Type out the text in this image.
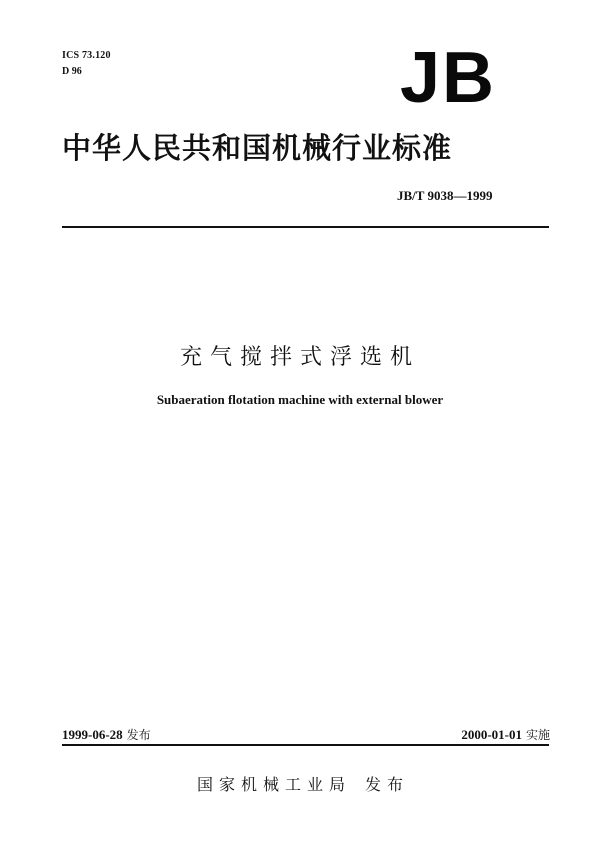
ICS 73.120
D 96	JB
中华人民共和国机械行业标准
JB/T 9038—1999
充气搅拌式浮选机
Subaeration flotation machine with external blower
1999-06-28 发布	2000-01-01 实施
国家机械工业局 发布
